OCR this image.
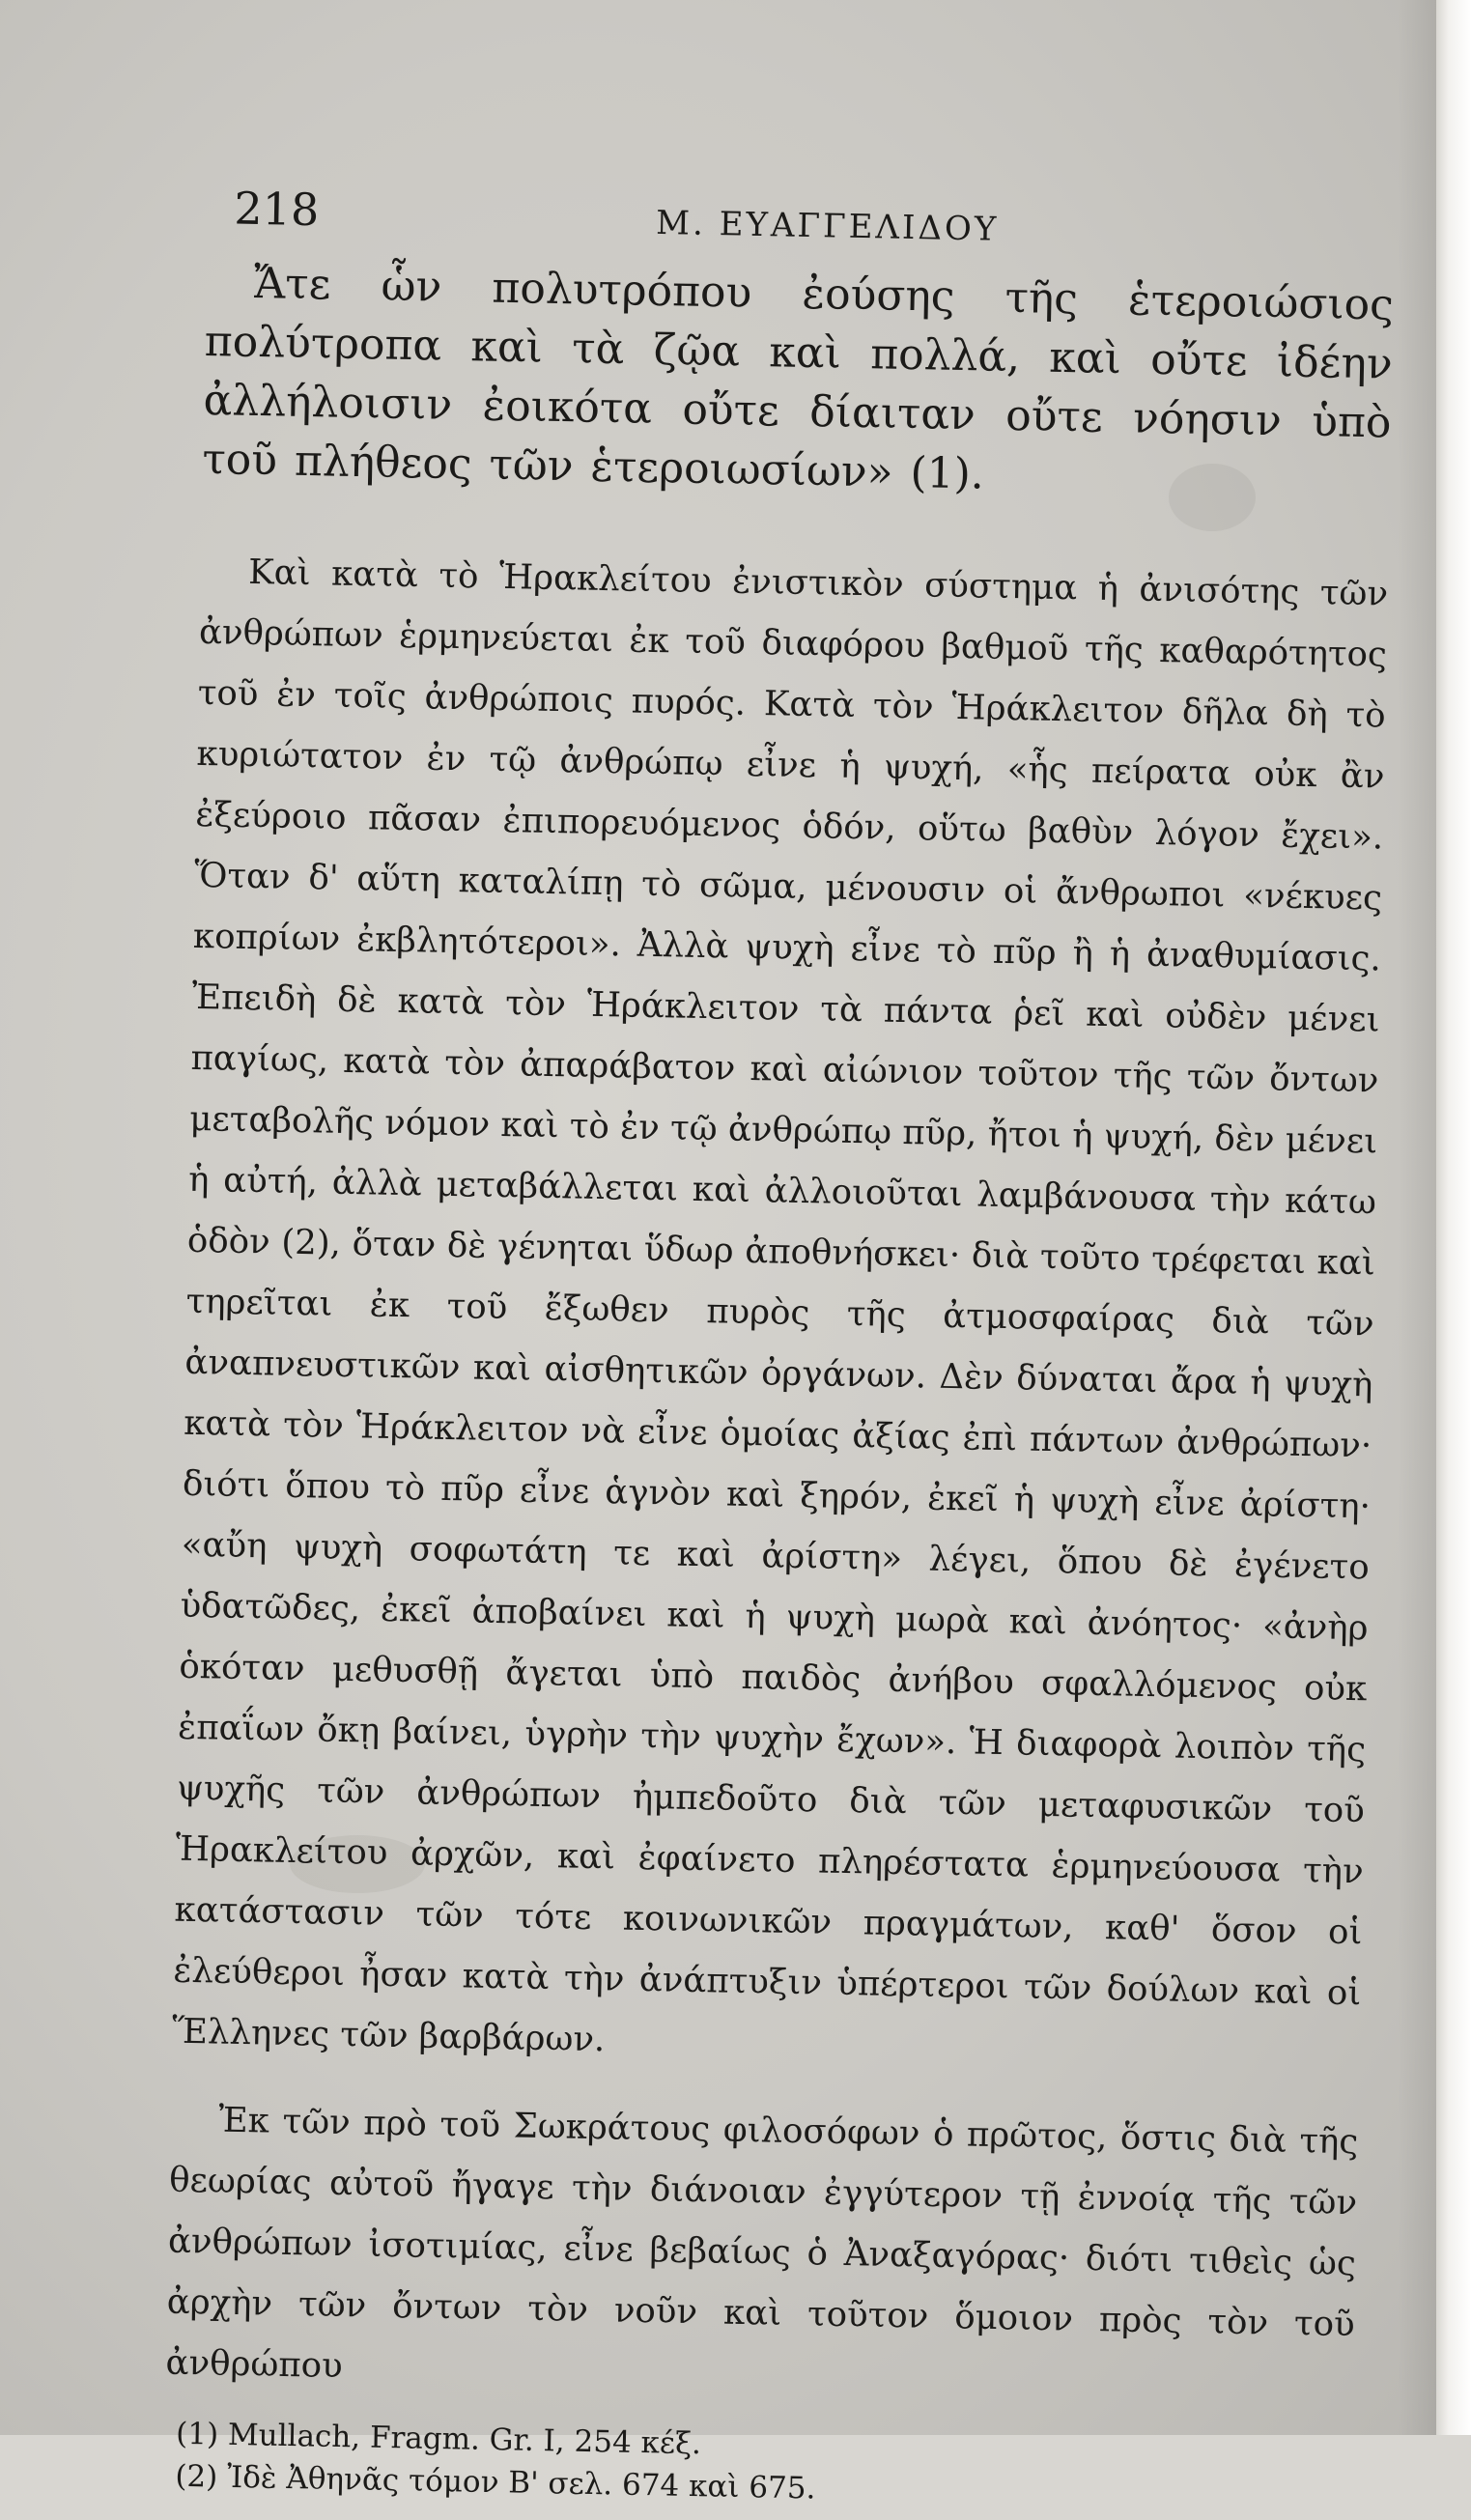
218	Μ. ΕΥΑΓΓΕΛΙΔΟΥ

Ἄτε ὧν πολυτρόπου ἐούσης τῆς ἑτεροιώσιος πολύτροπα καὶ τὰ ζῷα καὶ πολλά, καὶ οὔτε ἰδέην ἀλλήλοισιν ἐοικότα οὔτε δίαιταν οὔτε νόησιν ὑπὸ τοῦ πλήθεος τῶν ἑτεροιωσίων» (1).

Καὶ κατὰ τὸ Ἡρακλείτου ἐνιστικὸν σύστημα ἡ ἀνισότης τῶν ἀνθρώπων ἑρμηνεύεται ἐκ τοῦ διαφόρου βαθμοῦ τῆς καθαρότητος τοῦ ἐν τοῖς ἀνθρώποις πυρός. Κατὰ τὸν Ἡράκλειτον δῆλα δὴ τὸ κυριώτατον ἐν τῷ ἀνθρώπῳ εἶνε ἡ ψυχή, «ἧς πείρατα οὐκ ἂν ἐξεύροιο πᾶσαν ἐπιπορευόμενος ὁδόν, οὕτω βαθὺν λόγον ἔχει». Ὅταν δ' αὕτη καταλίπῃ τὸ σῶμα, μένουσιν οἱ ἄνθρωποι «νέκυες κοπρίων ἐκβλητότεροι». Ἀλλὰ ψυχὴ εἶνε τὸ πῦρ ἢ ἡ ἀναθυμίασις. Ἐπειδὴ δὲ κατὰ τὸν Ἡράκλειτον τὰ πάντα ῥεῖ καὶ οὐδὲν μένει παγίως, κατὰ τὸν ἀπαράβατον καὶ αἰώνιον τοῦτον τῆς τῶν ὄντων μεταβολῆς νόμον καὶ τὸ ἐν τῷ ἀνθρώπῳ πῦρ, ἤτοι ἡ ψυχή, δὲν μένει ἡ αὐτή, ἀλλὰ μεταβάλλεται καὶ ἀλλοιοῦται λαμβάνουσα τὴν κάτω ὁδὸν (2), ὅταν δὲ γένηται ὕδωρ ἀποθνήσκει· διὰ τοῦτο τρέφεται καὶ τηρεῖται ἐκ τοῦ ἔξωθεν πυρὸς τῆς ἀτμοσφαίρας διὰ τῶν ἀναπνευστικῶν καὶ αἰσθητικῶν ὀργάνων. Δὲν δύναται ἄρα ἡ ψυχὴ κατὰ τὸν Ἡράκλειτον νὰ εἶνε ὁμοίας ἀξίας ἐπὶ πάντων ἀνθρώπων· διότι ὅπου τὸ πῦρ εἶνε ἁγνὸν καὶ ξηρόν, ἐκεῖ ἡ ψυχὴ εἶνε ἀρίστη· «αὔη ψυχὴ σοφωτάτη τε καὶ ἀρίστη» λέγει, ὅπου δὲ ἐγένετο ὑδατῶδες, ἐκεῖ ἀποβαίνει καὶ ἡ ψυχὴ μωρὰ καὶ ἀνόητος· «ἀνὴρ ὁκόταν μεθυσθῇ ἄγεται ὑπὸ παιδὸς ἀνήβου σφαλλόμενος οὐκ ἐπαΐων ὄκῃ βαίνει, ὑγρὴν τὴν ψυχὴν ἔχων». Ἡ διαφορὰ λοιπὸν τῆς ψυχῆς τῶν ἀνθρώπων ἠμπεδοῦτο διὰ τῶν μεταφυσικῶν τοῦ Ἡρακλείτου ἀρχῶν, καὶ ἐφαίνετο πληρέστατα ἑρμηνεύουσα τὴν κατάστασιν τῶν τότε κοινωνικῶν πραγμάτων, καθ' ὅσον οἱ ἐλεύθεροι ἦσαν κατὰ τὴν ἀνάπτυξιν ὑπέρτεροι τῶν δούλων καὶ οἱ Ἕλληνες τῶν βαρβάρων.

Ἐκ τῶν πρὸ τοῦ Σωκράτους φιλοσόφων ὁ πρῶτος, ὅστις διὰ τῆς θεωρίας αὐτοῦ ἤγαγε τὴν διάνοιαν ἐγγύτερον τῇ ἐννοίᾳ τῆς τῶν ἀνθρώπων ἰσοτιμίας, εἶνε βεβαίως ὁ Ἀναξαγόρας· διότι τιθεὶς ὡς ἀρχὴν τῶν ὄντων τὸν νοῦν καὶ τοῦτον ὅμοιον πρὸς τὸν τοῦ ἀνθρώπου

(1) Mullach, Fragm. Gr. I, 254 κέξ.
(2) Ἰδὲ Ἀθηνᾶς τόμον Β' σελ. 674 καὶ 675.
